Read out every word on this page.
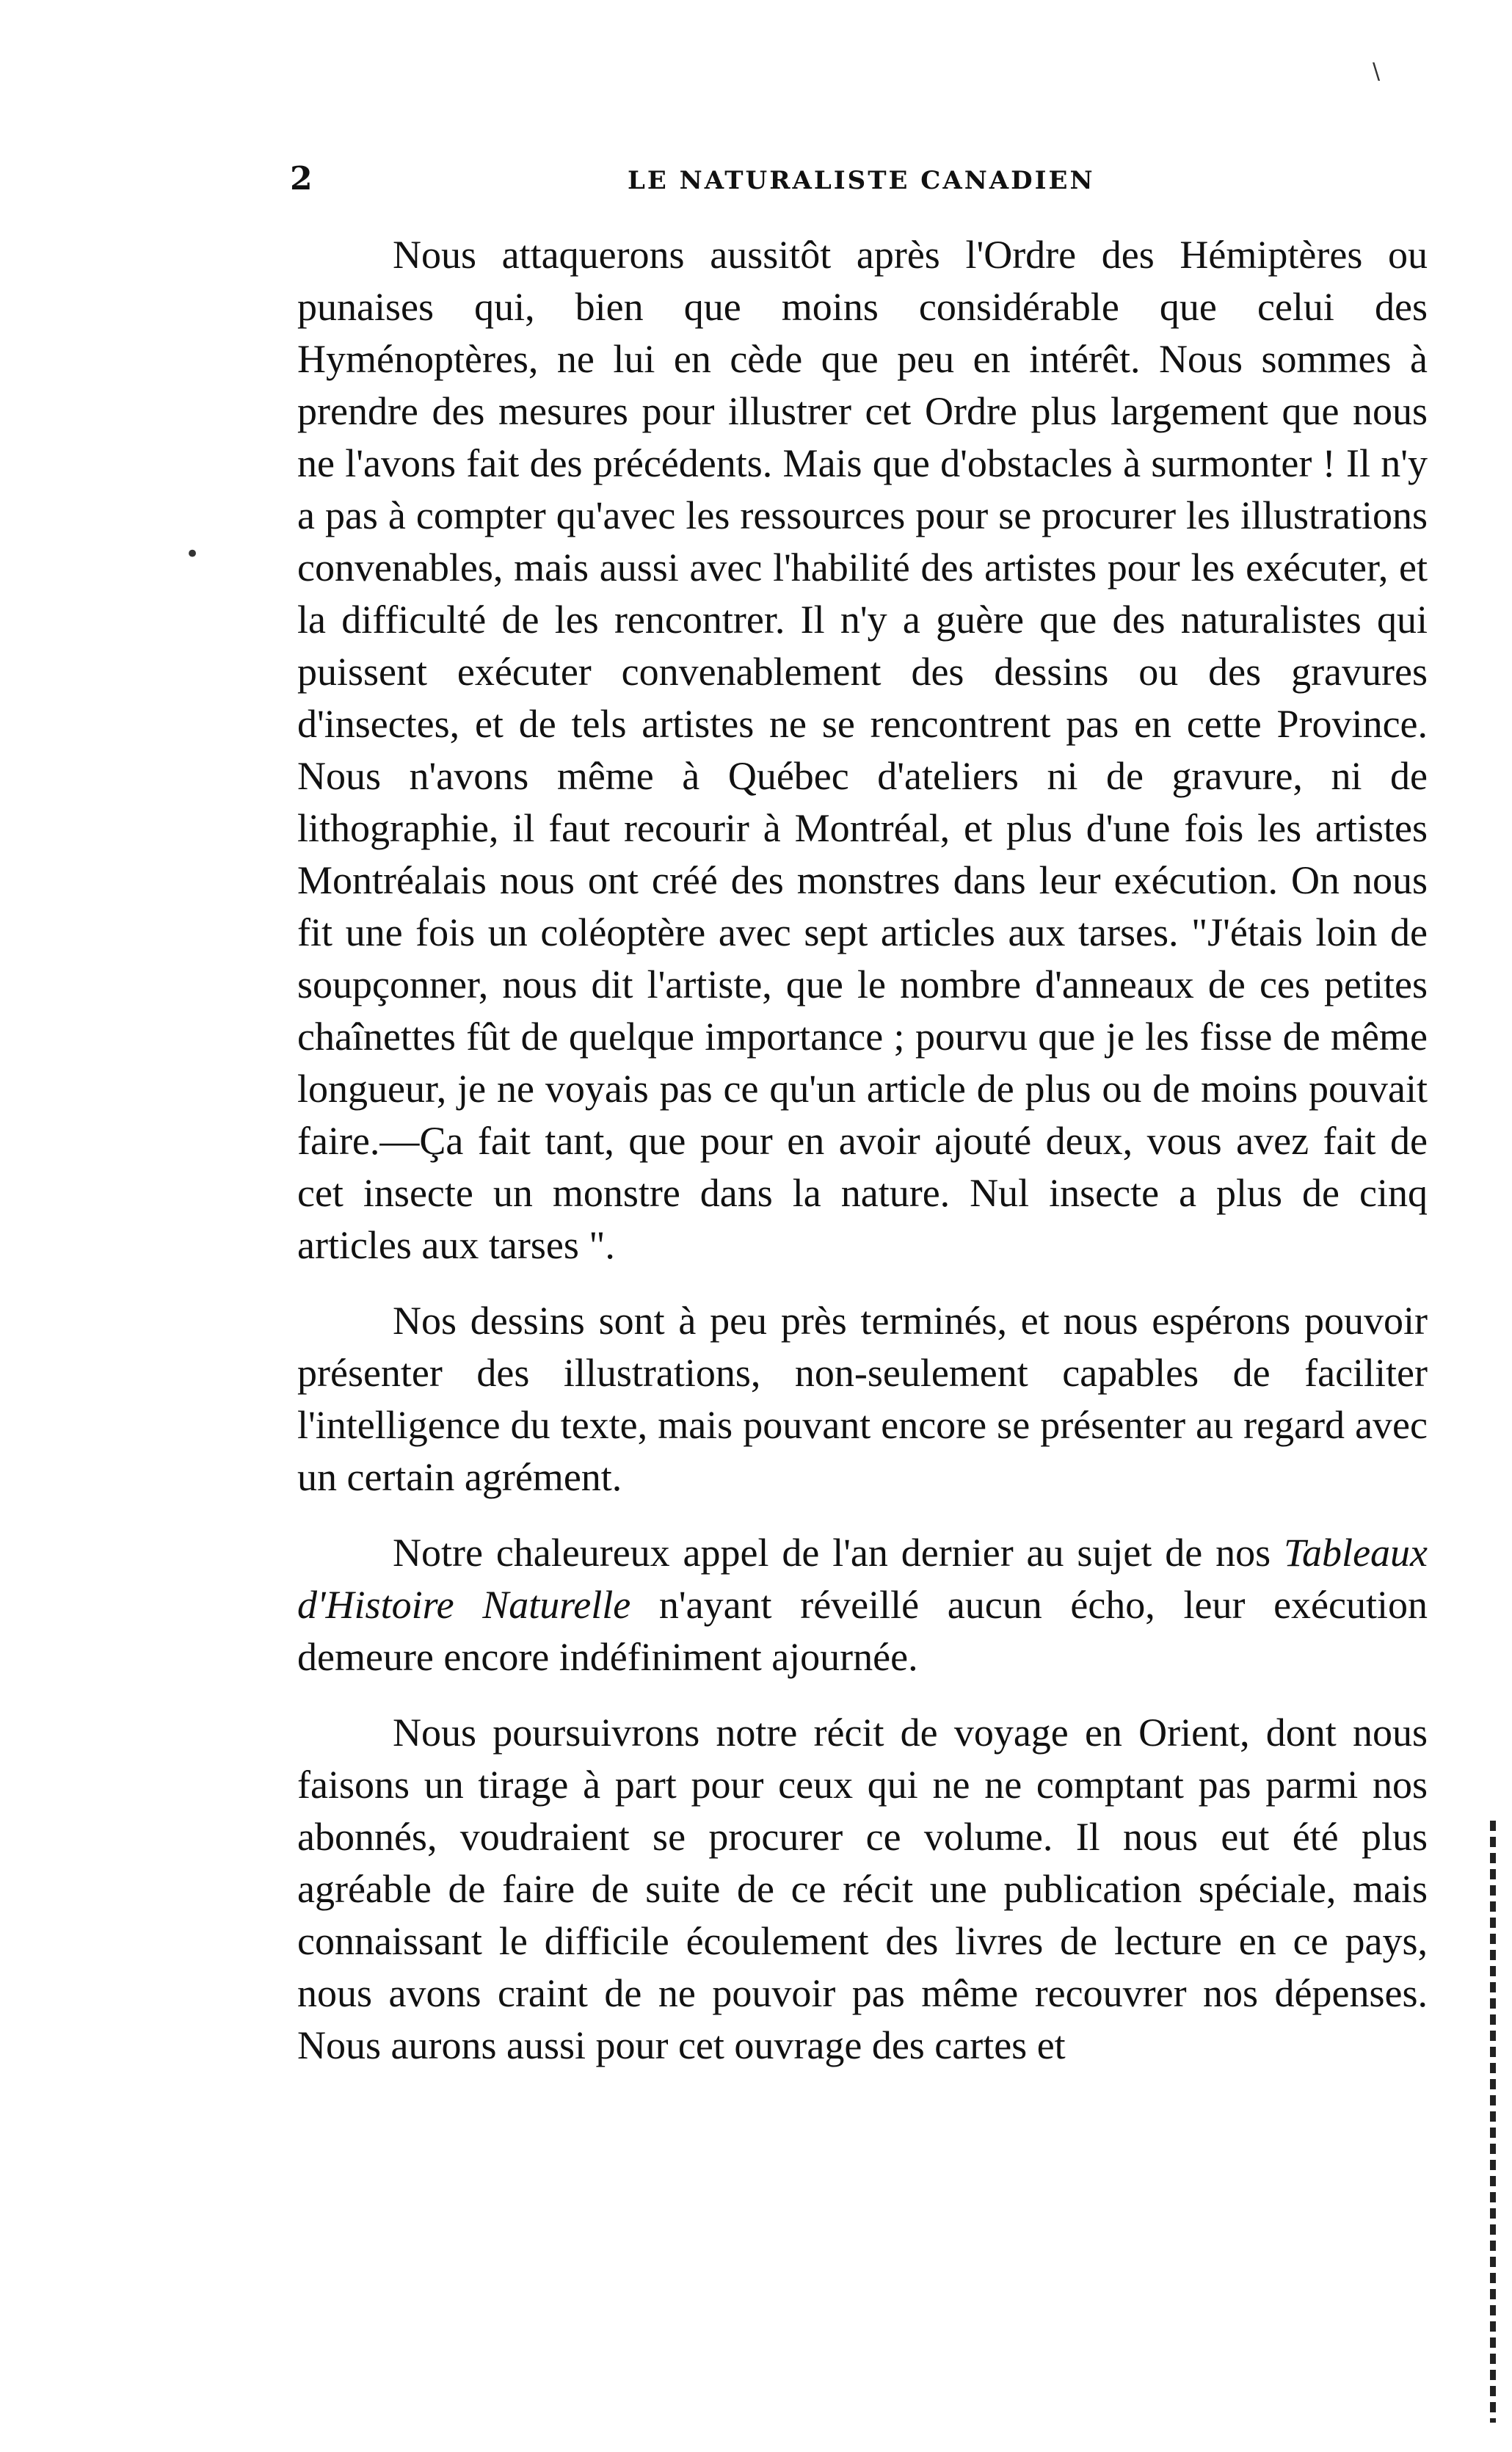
\
•
2	LE NATURALISTE CANADIEN

Nous attaquerons aussitôt après l'Ordre des Hémiptères ou punaises qui, bien que moins considérable que celui des Hyménoptères, ne lui en cède que peu en intérêt. Nous sommes à prendre des mesures pour illustrer cet Ordre plus largement que nous ne l'avons fait des précédents. Mais que d'obstacles à surmonter ! Il n'y a pas à compter qu'avec les ressources pour se procurer les illustrations convenables, mais aussi avec l'habilité des artistes pour les exécuter, et la difficulté de les rencontrer. Il n'y a guère que des naturalistes qui puissent exécuter convenablement des dessins ou des gravures d'insectes, et de tels artistes ne se rencontrent pas en cette Province. Nous n'avons même à Québec d'ateliers ni de gravure, ni de lithographie, il faut recourir à Montréal, et plus d'une fois les artistes Montréalais nous ont créé des monstres dans leur exécution. On nous fit une fois un coléoptère avec sept articles aux tarses. "J'étais loin de soupçonner, nous dit l'artiste, que le nombre d'anneaux de ces petites chaînettes fût de quelque importance ; pourvu que je les fisse de même longueur, je ne voyais pas ce qu'un article de plus ou de moins pouvait faire.—Ça fait tant, que pour en avoir ajouté deux, vous avez fait de cet insecte un monstre dans la nature. Nul insecte a plus de cinq articles aux tarses ".

Nos dessins sont à peu près terminés, et nous espérons pouvoir présenter des illustrations, non-seulement capables de faciliter l'intelligence du texte, mais pouvant encore se présenter au regard avec un certain agrément.

Notre chaleureux appel de l'an dernier au sujet de nos Tableaux d'Histoire Naturelle n'ayant réveillé aucun écho, leur exécution demeure encore indéfiniment ajournée.

Nous poursuivrons notre récit de voyage en Orient, dont nous faisons un tirage à part pour ceux qui ne ne comptant pas parmi nos abonnés, voudraient se procurer ce volume. Il nous eut été plus agréable de faire de suite de ce récit une publication spéciale, mais connaissant le difficile écoulement des livres de lecture en ce pays, nous avons craint de ne pouvoir pas même recouvrer nos dépenses. Nous aurons aussi pour cet ouvrage des cartes et
